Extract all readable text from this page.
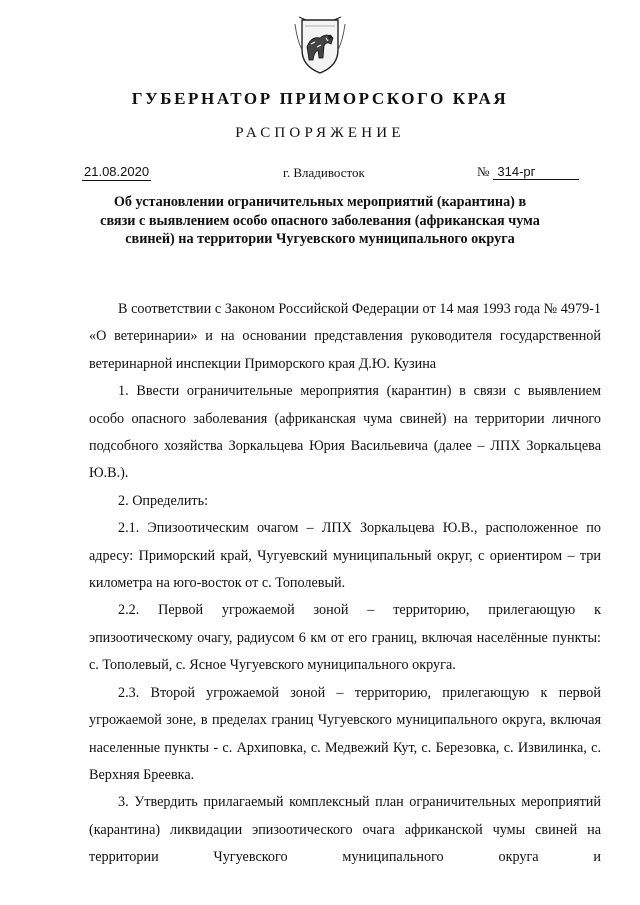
ГУБЕРНАТОР ПРИМОРСКОГО КРАЯ
РАСПОРЯЖЕНИЕ
21.08.2020	г. Владивосток	№ 314-рг
Об установлении ограничительных мероприятий (карантина) в связи с выявлением особо опасного заболевания (африканская чума свиней) на территории Чугуевского муниципального округа

В соответствии с Законом Российской Федерации от 14 мая 1993 года № 4979-1 «О ветеринарии» и на основании представления руководителя государственной ветеринарной инспекции Приморского края Д.Ю. Кузина

1. Ввести ограничительные мероприятия (карантин) в связи с выявлением особо опасного заболевания (африканская чума свиней) на территории личного подсобного хозяйства Зоркальцева Юрия Васильевича (далее – ЛПХ Зоркальцева Ю.В.).

2. Определить:

2.1. Эпизоотическим очагом – ЛПХ Зоркальцева Ю.В., расположенное по адресу: Приморский край, Чугуевский муниципальный округ, с ориентиром – три километра на юго-восток от с. Тополевый.

2.2. Первой угрожаемой зоной – территорию, прилегающую к эпизоотическому очагу, радиусом 6 км от его границ, включая населённые пункты: с. Тополевый, с. Ясное Чугуевского муниципального округа.

2.3. Второй угрожаемой зоной – территорию, прилегающую к первой угрожаемой зоне, в пределах границ Чугуевского муниципального округа, включая населенные пункты - с. Архиповка, с. Медвежий Кут, с. Березовка, с. Извилинка, с. Верхняя Бреевка.

3. Утвердить прилагаемый комплексный план ограничительных мероприятий (карантина) ликвидации эпизоотического очага африканской чумы свиней на территории Чугуевского муниципального округа и
